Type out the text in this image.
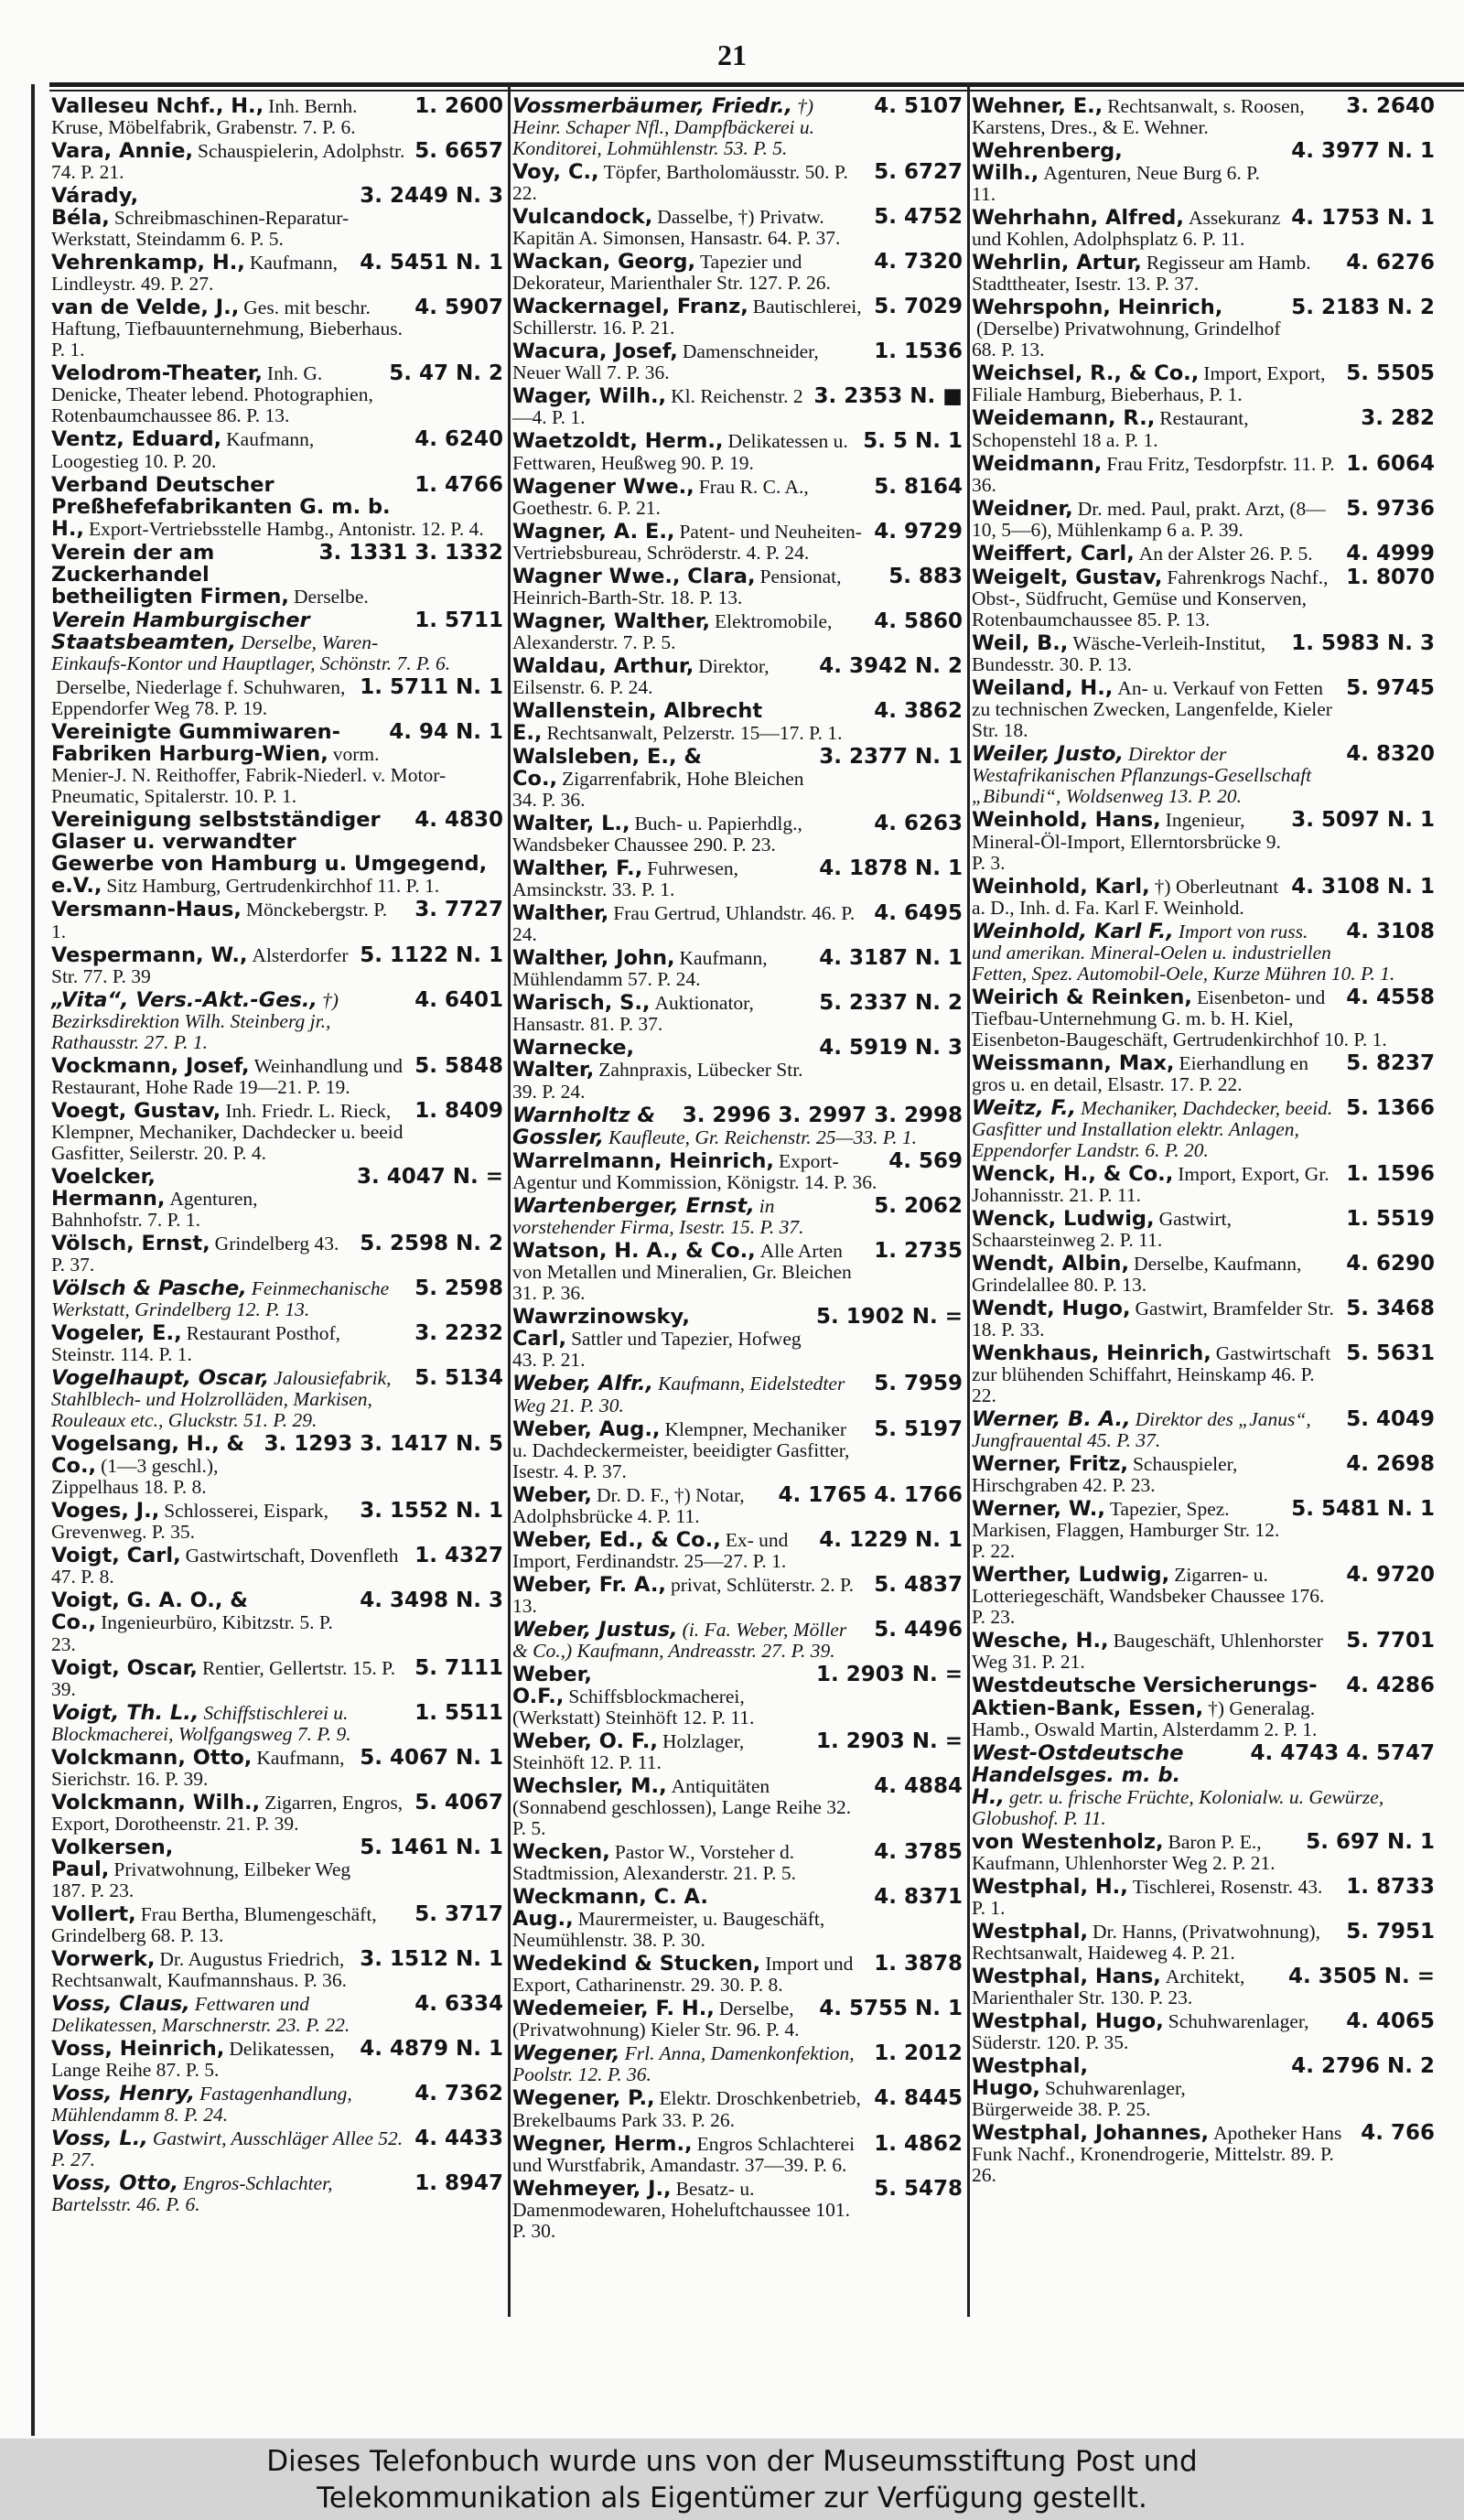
21

1. 2600
Valleseu Nchf., H., Inh. Bernh. Kruse, Möbelfabrik, Grabenstr. 7. P. 6.

5. 6657
Vara, Annie, Schauspielerin, Adolphstr. 74. P. 21.

3. 2449 N. 3
Várady, Béla, Schreibmaschinen-Reparatur-Werkstatt, Steindamm 6. P. 5.

4. 5451 N. 1
Vehrenkamp, H., Kaufmann, Lindleystr. 49. P. 27.

4. 5907
van de Velde, J., Ges. mit beschr. Haftung, Tiefbauunternehmung, Bieberhaus. P. 1.

5. 47 N. 2
Velodrom-Theater, Inh. G. Denicke, Theater lebend. Photographien, Rotenbaumchaussee 86. P. 13.

4. 6240
Ventz, Eduard, Kaufmann, Loogestieg 10. P. 20.

1. 4766
Verband Deutscher Preßhefefabrikanten G. m. b. H., Export-Vertriebsstelle Hambg., Antonistr. 12. P. 4.

3. 1331 3. 1332
Verein der am Zuckerhandel betheiligten Firmen, Derselbe.

1. 5711
Verein Hamburgischer Staatsbeamten, Derselbe, Waren-Einkaufs-Kontor und Hauptlager, Schönstr. 7. P. 6.

1. 5711 N. 1
Derselbe, Niederlage f. Schuhwaren, Eppendorfer Weg 78. P. 19.

4. 94 N. 1
Vereinigte Gummiwaren-Fabriken Harburg-Wien, vorm. Menier-J. N. Reithoffer, Fabrik-Niederl. v. Motor-Pneumatic, Spitalerstr. 10. P. 1.

4. 4830
Vereinigung selbstständiger Glaser u. verwandter Gewerbe von Hamburg u. Umgegend, e.V., Sitz Hamburg, Gertrudenkirchhof 11. P. 1.

3. 7727
Versmann-Haus, Mönckebergstr. P. 1.

5. 1122 N. 1
Vespermann, W., Alsterdorfer Str. 77. P. 39

4. 6401
„Vita“, Vers.-Akt.-Ges., †) Bezirksdirektion Wilh. Steinberg jr., Rathausstr. 27. P. 1.

5. 5848
Vockmann, Josef, Weinhandlung und Restaurant, Hohe Rade 19—21. P. 19.

1. 8409
Voegt, Gustav, Inh. Friedr. L. Rieck, Klempner, Mechaniker, Dachdecker u. beeid Gasfitter, Seilerstr. 20. P. 4.

3. 4047 N. =
Voelcker, Hermann, Agenturen, Bahnhofstr. 7. P. 1.

5. 2598 N. 2
Völsch, Ernst, Grindelberg 43. P. 37.

5. 2598
Völsch & Pasche, Feinmechanische Werkstatt, Grindelberg 12. P. 13.

3. 2232
Vogeler, E., Restaurant Posthof, Steinstr. 114. P. 1.

5. 5134
Vogelhaupt, Oscar, Jalousiefabrik, Stahlblech- und Holzrolläden, Markisen, Rouleaux etc., Gluckstr. 51. P. 29.

3. 1293 3. 1417 N. 5
Vogelsang, H., & Co., (1—3 geschl.), Zippelhaus 18. P. 8.

3. 1552 N. 1
Voges, J., Schlosserei, Eispark, Grevenweg. P. 35.

1. 4327
Voigt, Carl, Gastwirtschaft, Dovenfleth 47. P. 8.

4. 3498 N. 3
Voigt, G. A. O., & Co., Ingenieurbüro, Kibitzstr. 5. P. 23.

5. 7111
Voigt, Oscar, Rentier, Gellertstr. 15. P. 39.

1. 5511
Voigt, Th. L., Schiffstischlerei u. Blockmacherei, Wolfgangsweg 7. P. 9.

5. 4067 N. 1
Volckmann, Otto, Kaufmann, Sierichstr. 16. P. 39.

5. 4067
Volckmann, Wilh., Zigarren, Engros, Export, Dorotheenstr. 21. P. 39.

5. 1461 N. 1
Volkersen, Paul, Privatwohnung, Eilbeker Weg 187. P. 23.

5. 3717
Vollert, Frau Bertha, Blumengeschäft, Grindelberg 68. P. 13.

3. 1512 N. 1
Vorwerk, Dr. Augustus Friedrich, Rechtsanwalt, Kaufmannshaus. P. 36.

4. 6334
Voss, Claus, Fettwaren und Delikatessen, Marschnerstr. 23. P. 22.

4. 4879 N. 1
Voss, Heinrich, Delikatessen, Lange Reihe 87. P. 5.

4. 7362
Voss, Henry, Fastagenhandlung, Mühlendamm 8. P. 24.

4. 4433
Voss, L., Gastwirt, Ausschläger Allee 52. P. 27.

1. 8947
Voss, Otto, Engros-Schlachter, Bartelsstr. 46. P. 6.

4. 5107
Vossmerbäumer, Friedr., †) Heinr. Schaper Nfl., Dampfbäckerei u. Konditorei, Lohmühlenstr. 53. P. 5.

5. 6727
Voy, C., Töpfer, Bartholomäusstr. 50. P. 22.

5. 4752
Vulcandock, Dasselbe, †) Privatw. Kapitän A. Simonsen, Hansastr. 64. P. 37.

4. 7320
Wackan, Georg, Tapezier und Dekorateur, Marienthaler Str. 127. P. 26.

5. 7029
Wackernagel, Franz, Bautischlerei, Schillerstr. 16. P. 21.

1. 1536
Wacura, Josef, Damenschneider, Neuer Wall 7. P. 36.

3. 2353 N. ■
Wager, Wilh., Kl. Reichenstr. 2—4. P. 1.

5. 5 N. 1
Waetzoldt, Herm., Delikatessen u. Fettwaren, Heußweg 90. P. 19.

5. 8164
Wagener Wwe., Frau R. C. A., Goethestr. 6. P. 21.

4. 9729
Wagner, A. E., Patent- und Neuheiten-Vertriebsbureau, Schröderstr. 4. P. 24.

5. 883
Wagner Wwe., Clara, Pensionat, Heinrich-Barth-Str. 18. P. 13.

4. 5860
Wagner, Walther, Elektromobile, Alexanderstr. 7. P. 5.

4. 3942 N. 2
Waldau, Arthur, Direktor, Eilsenstr. 6. P. 24.

4. 3862
Wallenstein, Albrecht E., Rechtsanwalt, Pelzerstr. 15—17. P. 1.

3. 2377 N. 1
Walsleben, E., & Co., Zigarrenfabrik, Hohe Bleichen 34. P. 36.

4. 6263
Walter, L., Buch- u. Papierhdlg., Wandsbeker Chaussee 290. P. 23.

4. 1878 N. 1
Walther, F., Fuhrwesen, Amsinckstr. 33. P. 1.

4. 6495
Walther, Frau Gertrud, Uhlandstr. 46. P. 24.

4. 3187 N. 1
Walther, John, Kaufmann, Mühlendamm 57. P. 24.

5. 2337 N. 2
Warisch, S., Auktionator, Hansastr. 81. P. 37.

4. 5919 N. 3
Warnecke, Walter, Zahnpraxis, Lübecker Str. 39. P. 24.

3. 2996 3. 2997 3. 2998
Warnholtz & Gossler, Kaufleute, Gr. Reichenstr. 25—33. P. 1.

4. 569
Warrelmann, Heinrich, Export-Agentur und Kommission, Königstr. 14. P. 36.

5. 2062
Wartenberger, Ernst, in vorstehender Firma, Isestr. 15. P. 37.

1. 2735
Watson, H. A., & Co., Alle Arten von Metallen und Mineralien, Gr. Bleichen 31. P. 36.

5. 1902 N. =
Wawrzinowsky, Carl, Sattler und Tapezier, Hofweg 43. P. 21.

5. 7959
Weber, Alfr., Kaufmann, Eidelstedter Weg 21. P. 30.

5. 5197
Weber, Aug., Klempner, Mechaniker u. Dachdeckermeister, beeidigter Gasfitter, Isestr. 4. P. 37.

4. 1765 4. 1766
Weber, Dr. D. F., †) Notar, Adolphsbrücke 4. P. 11.

4. 1229 N. 1
Weber, Ed., & Co., Ex- und Import, Ferdinandstr. 25—27. P. 1.

5. 4837
Weber, Fr. A., privat, Schlüterstr. 2. P. 13.

5. 4496
Weber, Justus, (i. Fa. Weber, Möller & Co.,) Kaufmann, Andreasstr. 27. P. 39.

1. 2903 N. =
Weber, O.F., Schiffsblockmacherei, (Werkstatt) Steinhöft 12. P. 11.

1. 2903 N. =
Weber, O. F., Holzlager, Steinhöft 12. P. 11.

4. 4884
Wechsler, M., Antiquitäten (Sonnabend geschlossen), Lange Reihe 32. P. 5.

4. 3785
Wecken, Pastor W., Vorsteher d. Stadtmission, Alexanderstr. 21. P. 5.

4. 8371
Weckmann, C. A. Aug., Maurermeister, u. Baugeschäft, Neumühlenstr. 38. P. 30.

1. 3878
Wedekind & Stucken, Import und Export, Catharinenstr. 29. 30. P. 8.

4. 5755 N. 1
Wedemeier, F. H., Derselbe, (Privatwohnung) Kieler Str. 96. P. 4.

1. 2012
Wegener, Frl. Anna, Damenkonfektion, Poolstr. 12. P. 36.

4. 8445
Wegener, P., Elektr. Droschkenbetrieb, Brekelbaums Park 33. P. 26.

1. 4862
Wegner, Herm., Engros Schlachterei und Wurstfabrik, Amandastr. 37—39. P. 6.

5. 5478
Wehmeyer, J., Besatz- u. Damenmodewaren, Hoheluftchaussee 101. P. 30.

3. 2640
Wehner, E., Rechtsanwalt, s. Roosen, Karstens, Dres., & E. Wehner.

4. 3977 N. 1
Wehrenberg, Wilh., Agenturen, Neue Burg 6. P. 11.

4. 1753 N. 1
Wehrhahn, Alfred, Assekuranz und Kohlen, Adolphsplatz 6. P. 11.

4. 6276
Wehrlin, Artur, Regisseur am Hamb. Stadttheater, Isestr. 13. P. 37.

5. 2183 N. 2
Wehrspohn, Heinrich,(Derselbe) Privatwohnung, Grindelhof 68. P. 13.

5. 5505
Weichsel, R., & Co., Import, Export, Filiale Hamburg, Bieberhaus, P. 1.

3. 282
Weidemann, R., Restaurant, Schopenstehl 18 a. P. 1.

1. 6064
Weidmann, Frau Fritz, Tesdorpfstr. 11. P. 36.

5. 9736
Weidner, Dr. med. Paul, prakt. Arzt, (8—10, 5—6), Mühlenkamp 6 a. P. 39.

4. 4999
Weiffert, Carl, An der Alster 26. P. 5.

1. 8070
Weigelt, Gustav, Fahrenkrogs Nachf., Obst-, Südfrucht, Gemüse und Konserven, Rotenbaumchaussee 85. P. 13.

1. 5983 N. 3
Weil, B., Wäsche-Verleih-Institut, Bundesstr. 30. P. 13.

5. 9745
Weiland, H., An- u. Verkauf von Fetten zu technischen Zwecken, Langenfelde, Kieler Str. 18.

4. 8320
Weiler, Justo, Direktor der Westafrikanischen Pflanzungs-Gesellschaft „Bibundi“, Woldsenweg 13. P. 20.

3. 5097 N. 1
Weinhold, Hans, Ingenieur, Mineral-Öl-Import, Ellerntorsbrücke 9. P. 3.

4. 3108 N. 1
Weinhold, Karl, †) Oberleutnant a. D., Inh. d. Fa. Karl F. Weinhold.

4. 3108
Weinhold, Karl F., Import von russ. und amerikan. Mineral-Oelen u. industriellen Fetten, Spez. Automobil-Oele, Kurze Mühren 10. P. 1.

4. 4558
Weirich & Reinken, Eisenbeton- und Tiefbau-Unternehmung G. m. b. H. Kiel, Eisenbeton-Baugeschäft, Gertrudenkirchhof 10. P. 1.

5. 8237
Weissmann, Max, Eierhandlung en gros u. en detail, Elsastr. 17. P. 22.

5. 1366
Weitz, F., Mechaniker, Dachdecker, beeid. Gasfitter und Installation elektr. Anlagen, Eppendorfer Landstr. 6. P. 20.

1. 1596
Wenck, H., & Co., Import, Export, Gr. Johannisstr. 21. P. 11.

1. 5519
Wenck, Ludwig, Gastwirt, Schaarsteinweg 2. P. 11.

4. 6290
Wendt, Albin, Derselbe, Kaufmann, Grindelallee 80. P. 13.

5. 3468
Wendt, Hugo, Gastwirt, Bramfelder Str. 18. P. 33.

5. 5631
Wenkhaus, Heinrich, Gastwirtschaft zur blühenden Schiffahrt, Heinskamp 46. P. 22.

5. 4049
Werner, B. A., Direktor des „Janus“, Jungfrauental 45. P. 37.

4. 2698
Werner, Fritz, Schauspieler, Hirschgraben 42. P. 23.

5. 5481 N. 1
Werner, W., Tapezier, Spez. Markisen, Flaggen, Hamburger Str. 12. P. 22.

4. 9720
Werther, Ludwig, Zigarren- u. Lotteriegeschäft, Wandsbeker Chaussee 176. P. 23.

5. 7701
Wesche, H., Baugeschäft, Uhlenhorster Weg 31. P. 21.

4. 4286
Westdeutsche Versicherungs-Aktien-Bank, Essen, †) Generalag. Hamb., Oswald Martin, Alsterdamm 2. P. 1.

4. 4743 4. 5747
West-Ostdeutsche Handelsges. m. b. H., getr. u. frische Früchte, Kolonialw. u. Gewürze, Globushof. P. 11.

5. 697 N. 1
von Westenholz, Baron P. E., Kaufmann, Uhlenhorster Weg 2. P. 21.

1. 8733
Westphal, H., Tischlerei, Rosenstr. 43. P. 1.

5. 7951
Westphal, Dr. Hanns, (Privatwohnung), Rechtsanwalt, Haideweg 4. P. 21.

4. 3505 N. =
Westphal, Hans, Architekt, Marienthaler Str. 130. P. 23.

4. 4065
Westphal, Hugo, Schuhwarenlager, Süderstr. 120. P. 35.

4. 2796 N. 2
Westphal, Hugo, Schuhwarenlager, Bürgerweide 38. P. 25.

4. 766
Westphal, Johannes, Apotheker Hans Funk Nachf., Kronendrogerie, Mittelstr. 89. P. 26.

Dieses Telefonbuch wurde uns von der Museumsstiftung Post und
Telekommunikation als Eigentümer zur Verfügung gestellt.
